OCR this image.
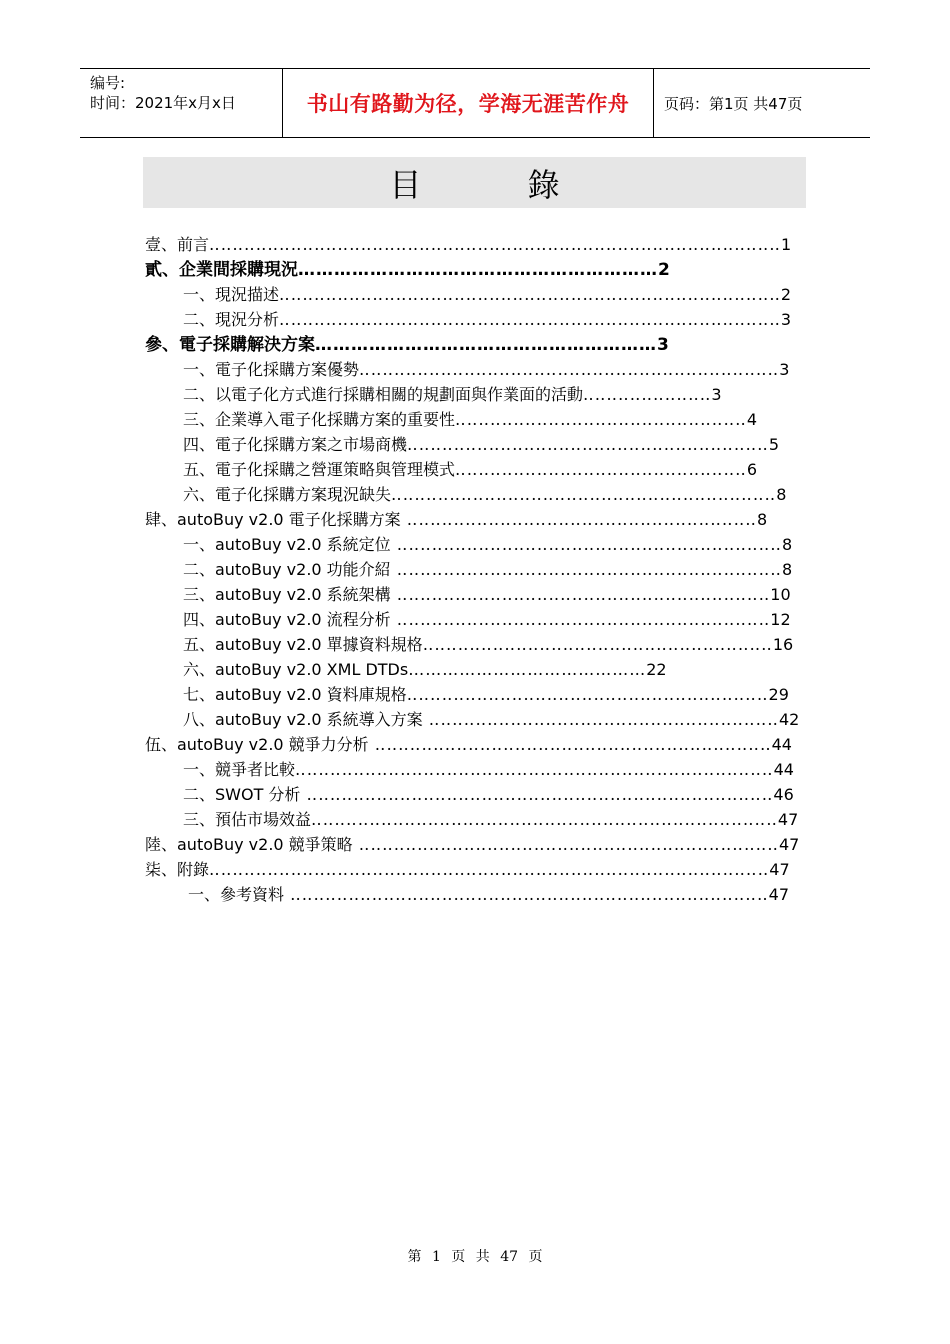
编号:
时间：2021年x月x日	书山有路勤为径，学海无涯苦作舟	页码：第1页 共47页
目 錄
壹、前言‥‥‥‥‥‥‥‥‥‥‥‥‥‥‥‥‥‥‥‥‥‥‥‥‥‥‥‥‥‥‥‥‥‥‥‥‥‥‥‥‥‥‥‥‥‥‥‥‥1
貳、企業間採購現況……………………………………………………2
一、現況描述‥‥‥‥‥‥‥‥‥‥‥‥‥‥‥‥‥‥‥‥‥‥‥‥‥‥‥‥‥‥‥‥‥‥‥‥‥‥‥‥‥‥‥2
二、現況分析‥‥‥‥‥‥‥‥‥‥‥‥‥‥‥‥‥‥‥‥‥‥‥‥‥‥‥‥‥‥‥‥‥‥‥‥‥‥‥‥‥‥‥3
參、電子採購解決方案…………………………………………………3
一、電子化採購方案優勢‥‥‥‥‥‥‥‥‥‥‥‥‥‥‥‥‥‥‥‥‥‥‥‥‥‥‥‥‥‥‥‥‥‥‥‥3
二、以電子化方式進行採購相關的規劃面與作業面的活動‥‥‥‥‥‥‥‥‥‥‥3
三、企業導入電子化採購方案的重要性‥‥‥‥‥‥‥‥‥‥‥‥‥‥‥‥‥‥‥‥‥‥‥‥‥4
四、電子化採購方案之市場商機‥‥‥‥‥‥‥‥‥‥‥‥‥‥‥‥‥‥‥‥‥‥‥‥‥‥‥‥‥‥‥5
五、電子化採購之營運策略與管理模式‥‥‥‥‥‥‥‥‥‥‥‥‥‥‥‥‥‥‥‥‥‥‥‥‥6
六、電子化採購方案現況缺失‥‥‥‥‥‥‥‥‥‥‥‥‥‥‥‥‥‥‥‥‥‥‥‥‥‥‥‥‥‥‥‥‥8
肆、autoBuy v2.0 電子化採購方案 ‥‥‥‥‥‥‥‥‥‥‥‥‥‥‥‥‥‥‥‥‥‥‥‥‥‥‥‥‥‥8
一、autoBuy v2.0 系統定位 ‥‥‥‥‥‥‥‥‥‥‥‥‥‥‥‥‥‥‥‥‥‥‥‥‥‥‥‥‥‥‥‥‥8
二、autoBuy v2.0 功能介紹 ‥‥‥‥‥‥‥‥‥‥‥‥‥‥‥‥‥‥‥‥‥‥‥‥‥‥‥‥‥‥‥‥‥8
三、autoBuy v2.0 系統架構 ‥‥‥‥‥‥‥‥‥‥‥‥‥‥‥‥‥‥‥‥‥‥‥‥‥‥‥‥‥‥‥‥10
四、autoBuy v2.0 流程分析 ‥‥‥‥‥‥‥‥‥‥‥‥‥‥‥‥‥‥‥‥‥‥‥‥‥‥‥‥‥‥‥‥12
五、autoBuy v2.0 單據資料規格‥‥‥‥‥‥‥‥‥‥‥‥‥‥‥‥‥‥‥‥‥‥‥‥‥‥‥‥‥‥16
六、autoBuy v2.0 XML DTDs……………………………………22
七、autoBuy v2.0 資料庫規格‥‥‥‥‥‥‥‥‥‥‥‥‥‥‥‥‥‥‥‥‥‥‥‥‥‥‥‥‥‥‥29
八、autoBuy v2.0 系統導入方案 ‥‥‥‥‥‥‥‥‥‥‥‥‥‥‥‥‥‥‥‥‥‥‥‥‥‥‥‥‥‥42
伍、autoBuy v2.0 競爭力分析 ‥‥‥‥‥‥‥‥‥‥‥‥‥‥‥‥‥‥‥‥‥‥‥‥‥‥‥‥‥‥‥‥‥‥44
一、競爭者比較‥‥‥‥‥‥‥‥‥‥‥‥‥‥‥‥‥‥‥‥‥‥‥‥‥‥‥‥‥‥‥‥‥‥‥‥‥‥‥‥‥44
二、SWOT 分析 ‥‥‥‥‥‥‥‥‥‥‥‥‥‥‥‥‥‥‥‥‥‥‥‥‥‥‥‥‥‥‥‥‥‥‥‥‥‥‥‥46
三、預估市場效益‥‥‥‥‥‥‥‥‥‥‥‥‥‥‥‥‥‥‥‥‥‥‥‥‥‥‥‥‥‥‥‥‥‥‥‥‥‥‥‥47
陸、autoBuy v2.0 競爭策略 ‥‥‥‥‥‥‥‥‥‥‥‥‥‥‥‥‥‥‥‥‥‥‥‥‥‥‥‥‥‥‥‥‥‥‥‥47
柒、附錄‥‥‥‥‥‥‥‥‥‥‥‥‥‥‥‥‥‥‥‥‥‥‥‥‥‥‥‥‥‥‥‥‥‥‥‥‥‥‥‥‥‥‥‥‥‥‥‥47
一、參考資料 ‥‥‥‥‥‥‥‥‥‥‥‥‥‥‥‥‥‥‥‥‥‥‥‥‥‥‥‥‥‥‥‥‥‥‥‥‥‥‥‥‥47
第 1 页 共 47 页
